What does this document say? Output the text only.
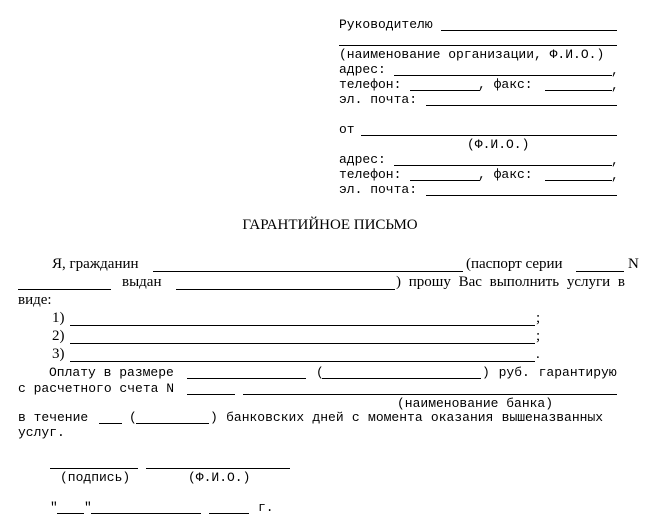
Руководителю
(наименование организации, Ф.И.О.)
адрес:	,
телефон:	, факс:	,
эл. почта:
от
(Ф.И.О.)
адрес:	,
телефон:	, факс:	,
эл. почта:
ГАРАНТИЙНОЕ ПИСЬМО
Я, гражданин	(паспорт серии	N
выдан	) прошу Вас выполнить услуги в
виде:
1)	;
2)	;
3)	.
Оплату в размере	(	) руб. гарантирую
с расчетного счета N
(наименование банка)
в течение	(	) банковских дней с момента оказания вышеназванных
услуг.
(подпись)	(Ф.И.О.)
" "	г.
